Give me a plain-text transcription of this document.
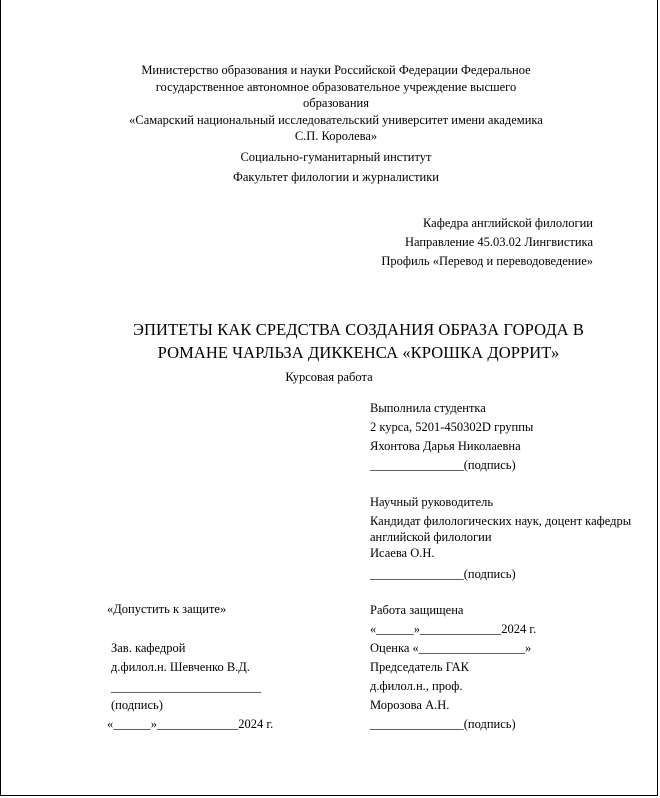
Министерство образования и науки Российской Федерации Федеральное
государственное автономное образовательное учреждение высшего
образования
«Самарский национальный исследовательский университет имени академика
С.П. Королева»
Социально-гуманитарный институт
Факультет филологии и журналистики
Кафедра английской филологии
Направление 45.03.02 Лингвистика
Профиль «Перевод и переводоведение»
ЭПИТЕТЫ КАК СРЕДСТВА СОЗДАНИЯ ОБРАЗА ГОРОДА В
РОМАНЕ ЧАРЛЬЗА ДИККЕНСА «КРОШКА ДОРРИТ»
Курсовая работа
Выполнила студентка
2 курса, 5201-450302D группы
Яхонтова Дарья Николаевна
_______________(подпись)
Научный руководитель
Кандидат филологических наук, доцент кафедры
английской филологии
Исаева О.Н.
_______________(подпись)
«Допустить к защите»
Зав. кафедрой
д.филол.н. Шевченко В.Д.
________________________
(подпись)
«______»_____________2024 г.
Работа защищена
«______»_____________2024 г.
Оценка «_________________»
Председатель ГАК
д.филол.н., проф.
Морозова А.Н.
_______________(подпись)
